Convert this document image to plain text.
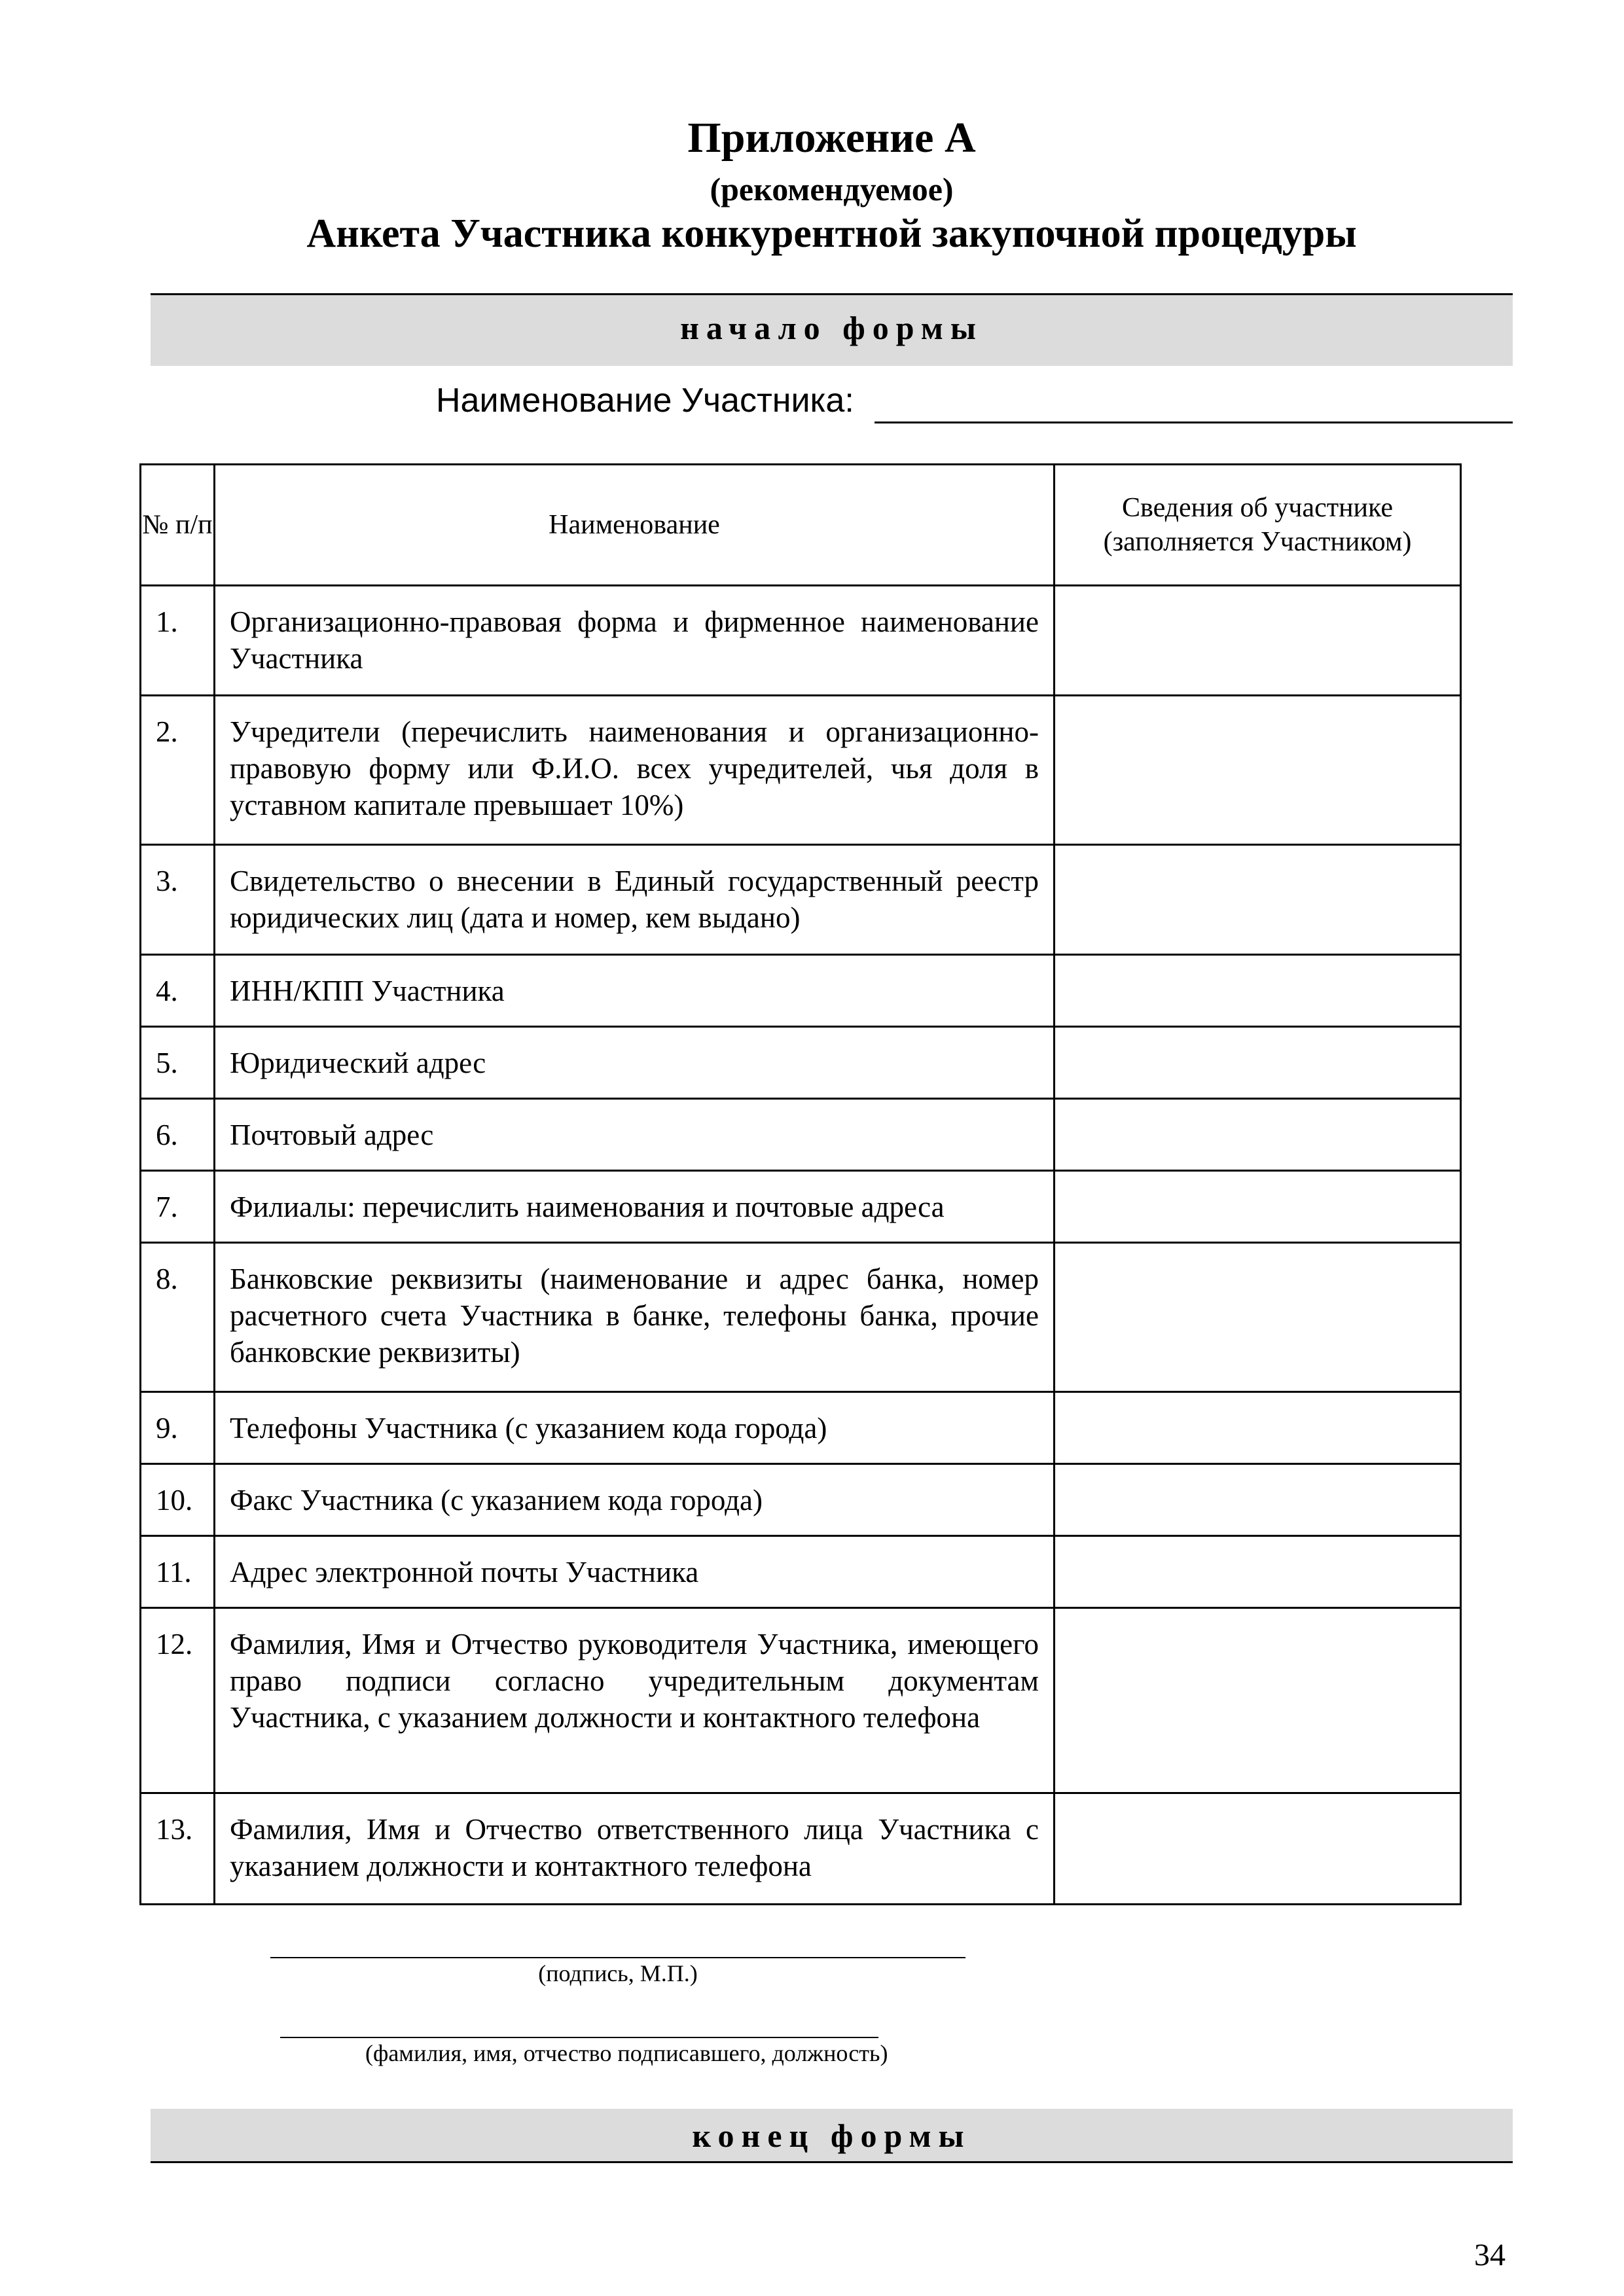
Приложение А
(рекомендуемое)
Анкета Участника конкурентной закупочной процедуры
начало формы
Наименование Участника:
№ п/п	Наименование	Сведения об участнике (заполняется Участником)
1.	Организационно-правовая форма и фирменное наименование Участника	
2.	Учредители (перечислить наименования и организационно-правовую форму или Ф.И.О. всех учредителей, чья доля в уставном капитале превышает 10%)	
3.	Свидетельство о внесении в Единый государственный реестр юридических лиц (дата и номер, кем выдано)	
4.	ИНН/КПП Участника	
5.	Юридический адрес	
6.	Почтовый адрес	
7.	Филиалы: перечислить наименования и почтовые адреса	
8.	Банковские реквизиты (наименование и адрес банка, номер расчетного счета Участника в банке, телефоны банка, прочие банковские реквизиты)	
9.	Телефоны Участника (с указанием кода города)	
10.	Факс Участника (с указанием кода города)	
11.	Адрес электронной почты Участника	
12.	Фамилия, Имя и Отчество руководителя Участника, имеющего право подписи согласно учредительным документам Участника, с указанием должности и контактного телефона	
13.	Фамилия, Имя и Отчество ответственного лица Участника с указанием должности и контактного телефона	
(подпись, М.П.)
(фамилия, имя, отчество подписавшего, должность)
конец формы
34
